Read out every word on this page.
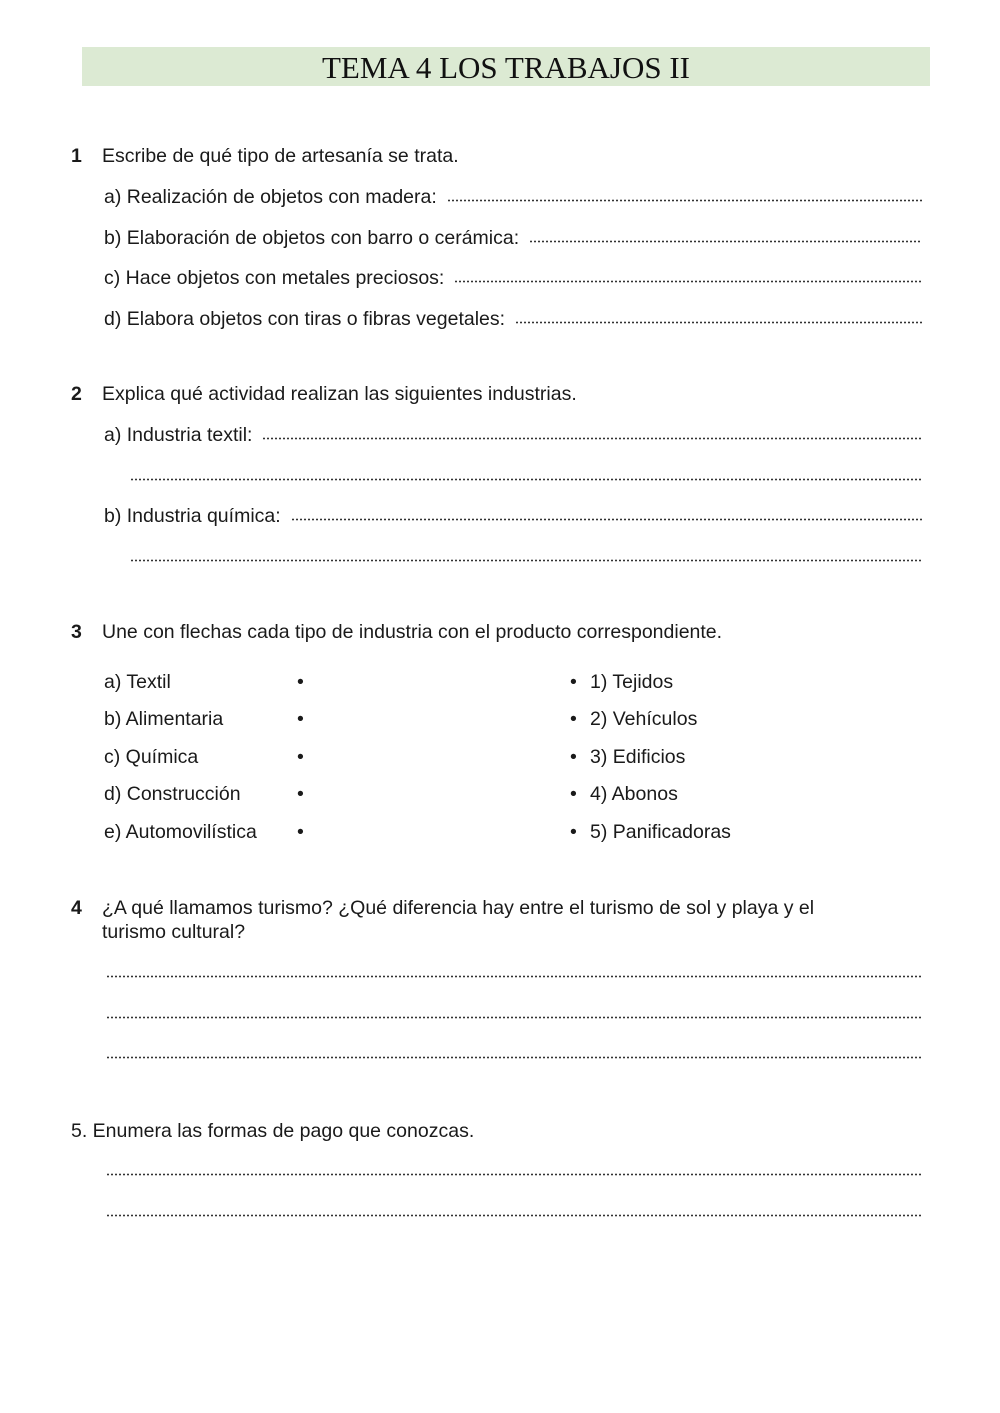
TEMA 4 LOS TRABAJOS II
1 Escribe de qué tipo de artesanía se trata.
a) Realización de objetos con madera:
b) Elaboración de objetos con barro o cerámica:
c) Hace objetos con metales preciosos:
d) Elabora objetos con tiras o fibras vegetales:
2 Explica qué actividad realizan las siguientes industrias.
a) Industria textil:
b) Industria química:
3 Une con flechas cada tipo de industria con el producto correspondiente.
a) Textil	•	• 1) Tejidos
b) Alimentaria	•	• 2) Vehículos
c) Química	•	• 3) Edificios
d) Construcción	•	• 4) Abonos
e) Automovilística •	• 5) Panificadoras
4 ¿A qué llamamos turismo? ¿Qué diferencia hay entre el turismo de sol y playa y el
turismo cultural?
5. Enumera las formas de pago que conozcas.
